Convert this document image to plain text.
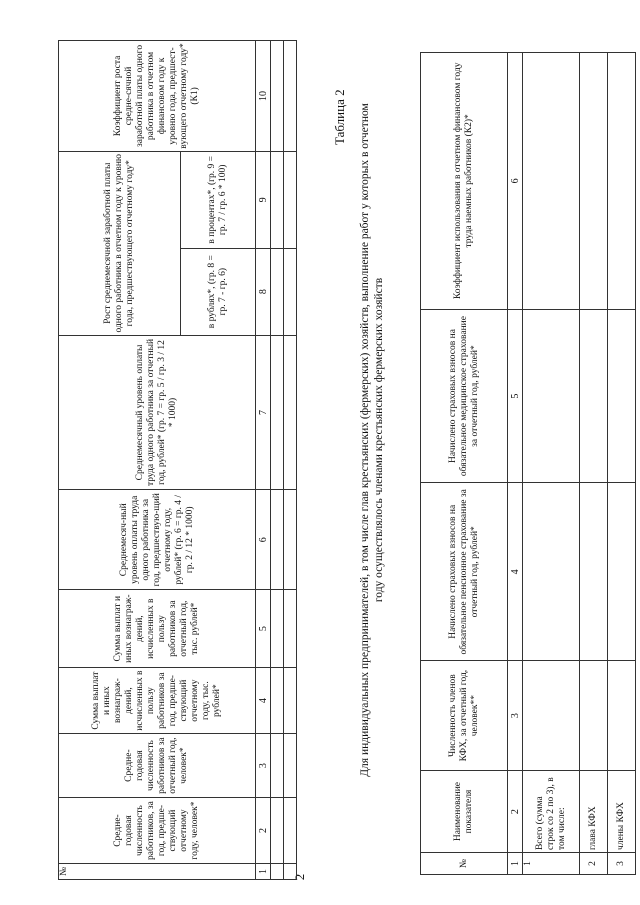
2
№	Средне-годовая численность работников, за год, предше-ствующий отчетному году, человек*	Средне-годовая численность работников за отчетный год, человек*	Сумма выплат и иных вознаграж-дений, исчисленных в пользу работников за год, предше-ствующий отчетному году, тыс. рублей*	Сумма выплат и иных вознаграж-дений, исчисленных в пользу работников за отчетный год, тыс. рублей*	Среднемесяч-ный уровень оплаты труда одного работника за год, предшествую-щий отчетному году, рублей* (гр. 6 = гр. 4 / гр. 2 / 12 * 1000)	Среднемесячный уровень оплаты труда одного работника за отчетный год, рублей* (гр. 7 = гр. 5 / гр. 3 / 12 * 1000)	Рост среднемесячной заработной платы одного работника в отчетном году к уровню года, предшествующего отчетному году*		Коэффициент роста средне-сячной заработной платы одного работника в отчетном финансовом году к уровню года, предшест-вующего отчетному году* (К1)
							в рублях*, (гр. 8 = гр. 7 - гр. 6)	в процентах*, (гр. 9 = гр. 7 / гр. 6 * 100)	
1	2	3	4	5	6	7	8	9	10

										Таблица 2 Для индивидуальных предпринимателей, в том числе глав крестьянских (фермерских) хозяйств, выполнение работ у которых в отчетном году осуществлялось членами крестьянских фермерских хозяйств
№	Наименование показателя	Численность членов КФХ, за отчетный год, человек**	Начислено страховых взносов на обязательное пенсионное страхование за отчетный год, рублей*	Начислено страховых взносов на обязательное медицинское страхование за отчетный год, рублей*	Коэффициент использования в отчетном финансовом году труда наемных работников (К2)*
1	2	3	4	5	6
1	Всего (сумма строк со 2 по 3), в том числе:				
2	глава КФХ				
3	члены КФХ				
